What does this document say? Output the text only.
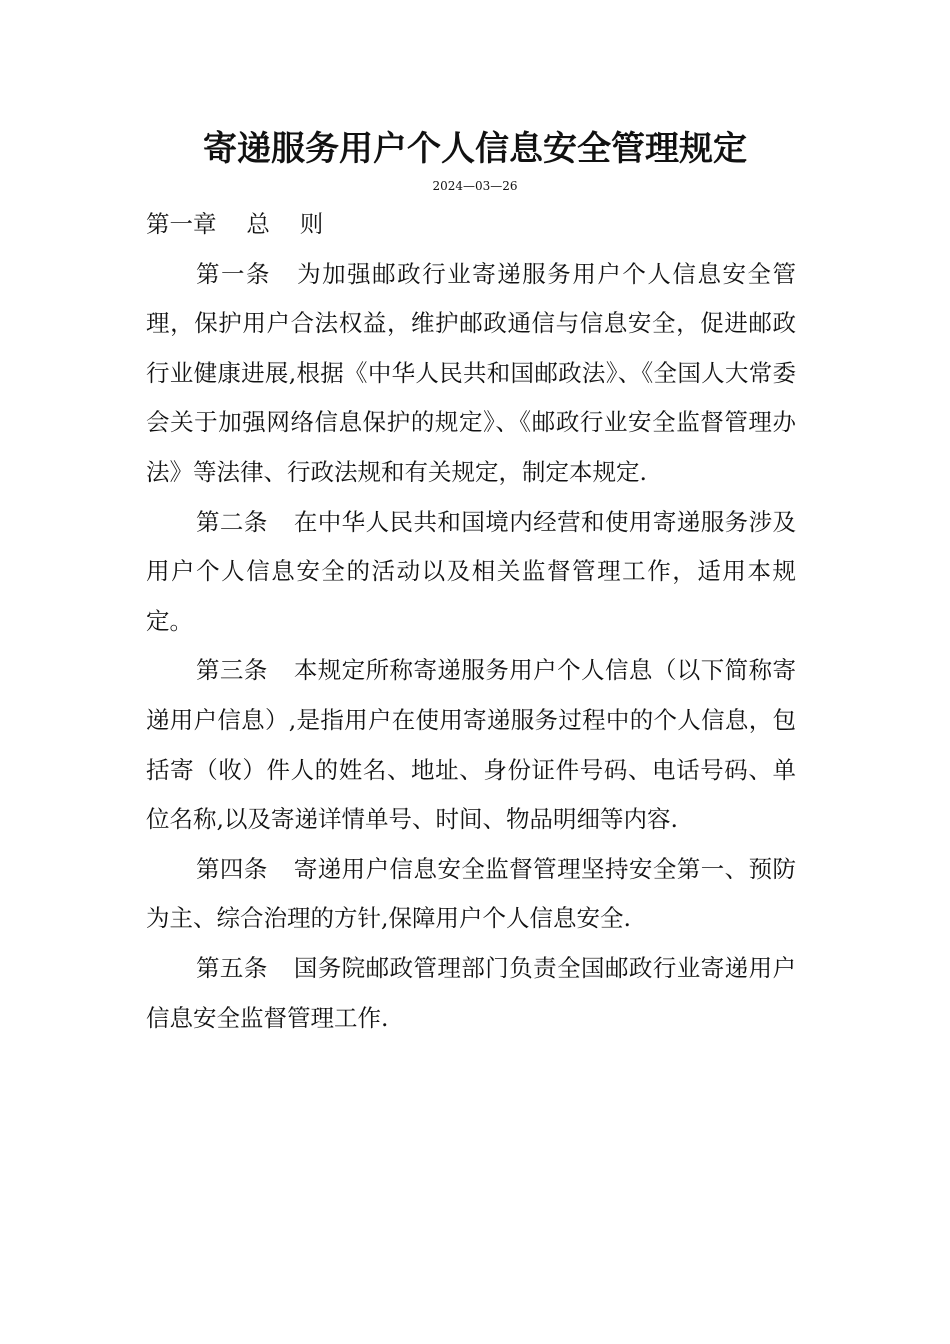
寄递服务用户个人信息安全管理规定
2024—03—26

第一章    总    则

第一条 为加强邮政行业寄递服务用户个人信息安全管理，保护用户合法权益，维护邮政通信与信息安全，促进邮政行业健康进展,根据《中华人民共和国邮政法》、《全国人大常委会关于加强网络信息保护的规定》、《邮政行业安全监督管理办法》等法律、行政法规和有关规定，制定本规定.

第二条 在中华人民共和国境内经营和使用寄递服务涉及用户个人信息安全的活动以及相关监督管理工作，适用本规定。

第三条 本规定所称寄递服务用户个人信息（以下简称寄递用户信息）,是指用户在使用寄递服务过程中的个人信息，包括寄（收）件人的姓名、地址、身份证件号码、电话号码、单位名称,以及寄递详情单号、时间、物品明细等内容.

第四条 寄递用户信息安全监督管理坚持安全第一、预防为主、综合治理的方针,保障用户个人信息安全.

第五条 国务院邮政管理部门负责全国邮政行业寄递用户信息安全监督管理工作.
